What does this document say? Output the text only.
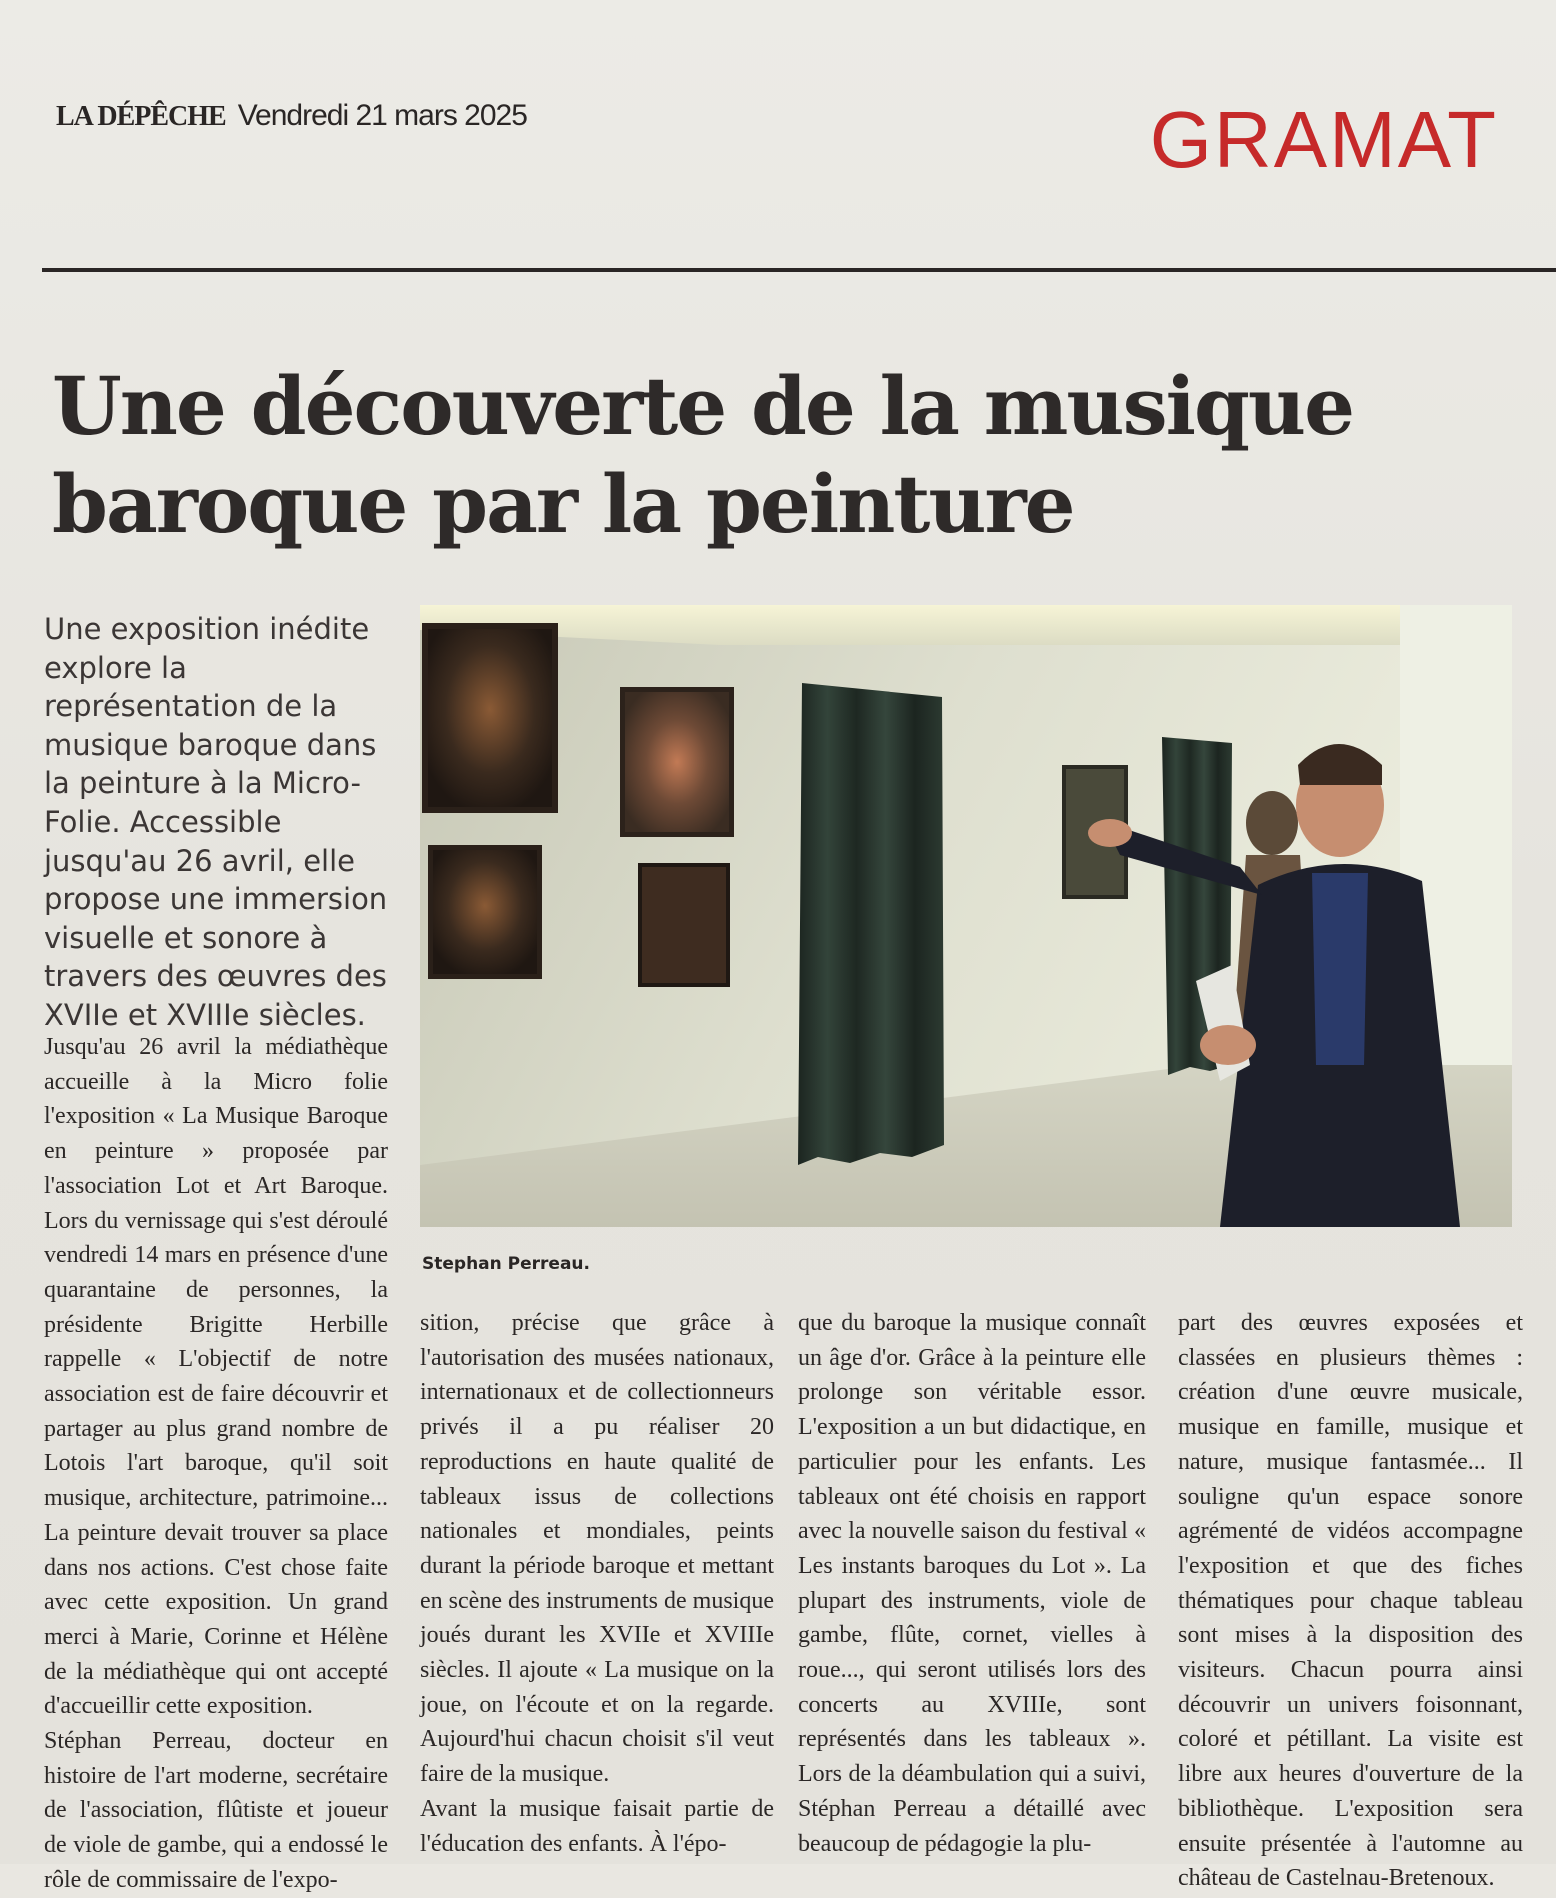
LA DÉPÊCHE Vendredi 21 mars 2025	GRAMAT
Une découverte de la musique baroque par la peinture
Une exposition inédite explore la représentation de la musique baroque dans la peinture à la Micro-Folie. Accessible jusqu'au 26 avril, elle propose une immersion visuelle et sonore à travers des œuvres des XVIIe et XVIIIe siècles.
Stephan Perreau.

Jusqu'au 26 avril la médiathèque accueille à la Micro folie l'exposition « La Musique Baroque en peinture » proposée par l'association Lot et Art Baroque. Lors du vernissage qui s'est déroulé vendredi 14 mars en présence d'une quarantaine de personnes, la présidente Brigitte Herbille rappelle « L'objectif de notre association est de faire découvrir et partager au plus grand nombre de Lotois l'art baroque, qu'il soit musique, architecture, patrimoine... La peinture devait trouver sa place dans nos actions. C'est chose faite avec cette exposition. Un grand merci à Marie, Corinne et Hélène de la médiathèque qui ont accepté d'accueillir cette exposition.

Stéphan Perreau, docteur en histoire de l'art moderne, secrétaire de l'association, flûtiste et joueur de viole de gambe, qui a endossé le rôle de commissaire de l'expo-

sition, précise que grâce à l'autorisation des musées nationaux, internationaux et de collectionneurs privés il a pu réaliser 20 reproductions en haute qualité de tableaux issus de collections nationales et mondiales, peints durant la période baroque et mettant en scène des instruments de musique joués durant les XVIIe et XVIIIe siècles. Il ajoute « La musique on la joue, on l'écoute et on la regarde. Aujourd'hui chacun choisit s'il veut faire de la musique.

Avant la musique faisait partie de l'éducation des enfants. À l'épo-

que du baroque la musique connaît un âge d'or. Grâce à la peinture elle prolonge son véritable essor. L'exposition a un but didactique, en particulier pour les enfants. Les tableaux ont été choisis en rapport avec la nouvelle saison du festival « Les instants baroques du Lot ». La plupart des instruments, viole de gambe, flûte, cornet, vielles à roue..., qui seront utilisés lors des concerts au XVIIIe, sont représentés dans les tableaux ». Lors de la déambulation qui a suivi, Stéphan Perreau a détaillé avec beaucoup de pédagogie la plu-

part des œuvres exposées et classées en plusieurs thèmes : création d'une œuvre musicale, musique en famille, musique et nature, musique fantasmée... Il souligne qu'un espace sonore agrémenté de vidéos accompagne l'exposition et que des fiches thématiques pour chaque tableau sont mises à la disposition des visiteurs. Chacun pourra ainsi découvrir un univers foisonnant, coloré et pétillant. La visite est libre aux heures d'ouverture de la bibliothèque. L'exposition sera ensuite présentée à l'automne au château de Castelnau-Bretenoux.
